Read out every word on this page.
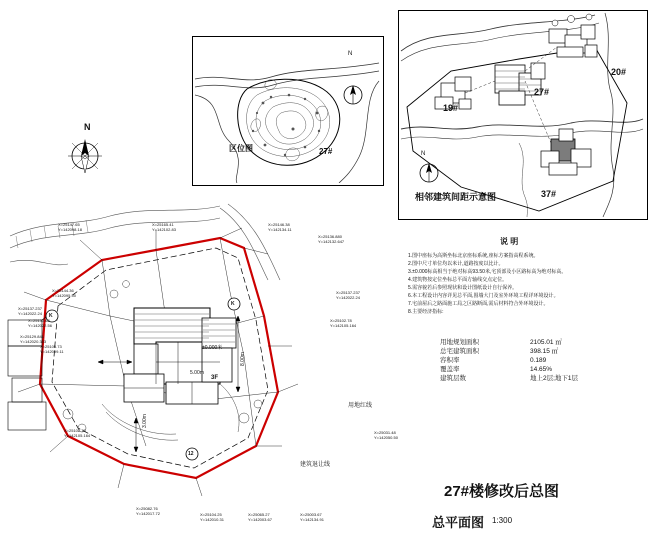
N
区位图
N
27#	N
20#
19#
27#
37#
相邻建筑间距示意图
说 明
1.图中座标为高斯坐标北京座标系统,座标方案指高程系统。
2.图中尺寸单位均以米计,道路按度以比计。
3.±0.000标高相当于绝对标高93.50米,宅顶部及小区路标高为绝对标高。
4.建筑物按定位坐标总平面方轴线交点定位。
5.需容貌若后参照现状和设计图纸设计自行保养。
6.本工程设计内容详见总平面,围墙大门及室外环境工程详环境设计。
7.宅前屋后之路面施工局之区路断面,需后材料符合外环境设计。
8.主要经济指标:
用地规划面积	2105.01 ㎡
总宅建筑面积	398.15 ㎡
容积率	0.189
覆盖率	14.65%
建筑层数	地上2层;地下1层
X=25147.65
Y=142098.18
X=25146.38
Y=142134.11
X=25165.41
Y=142102.83
X=25136.880
Y=142132.647
X=25144.36
Y=142095.50
X=25137.237
Y=142022.24
X=25133.68
Y=142022.56
X=25129.841
Y=142020.303
X=25102.78
Y=142105.164
X=25105.73
Y=142099.11
X=25102.78
Y=142105.164
X=25031.48
Y=142050.50
X=25082.76
Y=142017.72	X=25104.25
Y=142010.31
X=25065.27
Y=142003.67
X=25003.67
Y=142134.91
X=25137.237
Y=142022.24
±0.000米
3F
5.00m
8.00m
3.00m
用地红线
建筑退让线
K
K
12
27#楼修改后总图
总平面图 1:300
